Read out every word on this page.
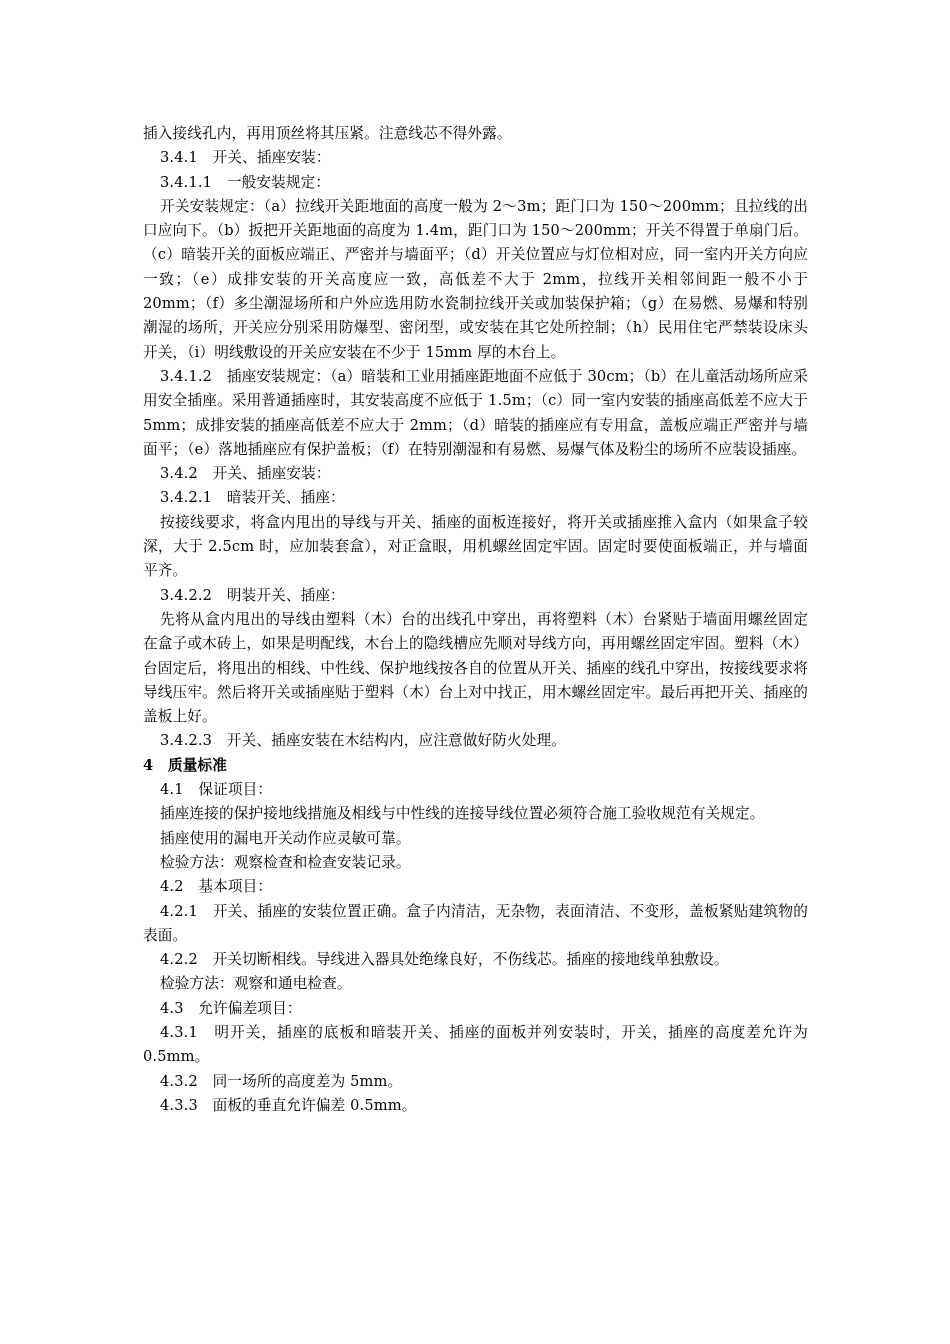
插入接线孔内，再用顶丝将其压紧。注意线芯不得外露。

3.4.1　开关、插座安装：

3.4.1.1　一般安装规定：

开关安装规定：（a）拉线开关距地面的高度一般为 2～3m；距门口为 150～200mm；且拉线的出口应向下。（b）扳把开关距地面的高度为 1.4m，距门口为 150～200mm；开关不得置于单扇门后。（c）暗装开关的面板应端正、严密并与墙面平；（d）开关位置应与灯位相对应，同一室内开关方向应一致；（e）成排安装的开关高度应一致，高低差不大于 2mm，拉线开关相邻间距一般不小于 20mm；（f）多尘潮湿场所和户外应选用防水瓷制拉线开关或加装保护箱；（g）在易燃、易爆和特别潮湿的场所，开关应分别采用防爆型、密闭型，或安装在其它处所控制；（h）民用住宅严禁装设床头开关，（i）明线敷设的开关应安装在不少于 15mm 厚的木台上。

3.4.1.2　插座安装规定：（a）暗装和工业用插座距地面不应低于 30cm；（b）在儿童活动场所应采用安全插座。采用普通插座时，其安装高度不应低于 1.5m；（c）同一室内安装的插座高低差不应大于 5mm；成排安装的插座高低差不应大于 2mm；（d）暗装的插座应有专用盒，盖板应端正严密并与墙面平；（e）落地插座应有保护盖板；（f）在特别潮湿和有易燃、易爆气体及粉尘的场所不应装设插座。

3.4.2　开关、插座安装：

3.4.2.1　暗装开关、插座：

按接线要求，将盒内甩出的导线与开关、插座的面板连接好，将开关或插座推入盒内（如果盒子较深，大于 2.5cm 时，应加装套盒），对正盒眼，用机螺丝固定牢固。固定时要使面板端正，并与墙面平齐。

3.4.2.2　明装开关、插座：

先将从盒内甩出的导线由塑料（木）台的出线孔中穿出，再将塑料（木）台紧贴于墙面用螺丝固定在盒子或木砖上，如果是明配线，木台上的隐线槽应先顺对导线方向，再用螺丝固定牢固。塑料（木）台固定后，将甩出的相线、中性线、保护地线按各自的位置从开关、插座的线孔中穿出，按接线要求将导线压牢。然后将开关或插座贴于塑料（木）台上对中找正，用木螺丝固定牢。最后再把开关、插座的盖板上好。

3.4.2.3　开关、插座安装在木结构内，应注意做好防火处理。

4　质量标准

4.1　保证项目：

插座连接的保护接地线措施及相线与中性线的连接导线位置必须符合施工验收规范有关规定。

插座使用的漏电开关动作应灵敏可靠。

检验方法：观察检查和检查安装记录。

4.2　基本项目：

4.2.1　开关、插座的安装位置正确。盒子内清洁，无杂物，表面清洁、不变形，盖板紧贴建筑物的表面。

4.2.2　开关切断相线。导线进入器具处绝缘良好，不伤线芯。插座的接地线单独敷设。

检验方法：观察和通电检查。

4.3　允许偏差项目：

4.3.1　明开关，插座的底板和暗装开关、插座的面板并列安装时，开关，插座的高度差允许为 0.5mm。

4.3.2　同一场所的高度差为 5mm。

4.3.3　面板的垂直允许偏差 0.5mm。
